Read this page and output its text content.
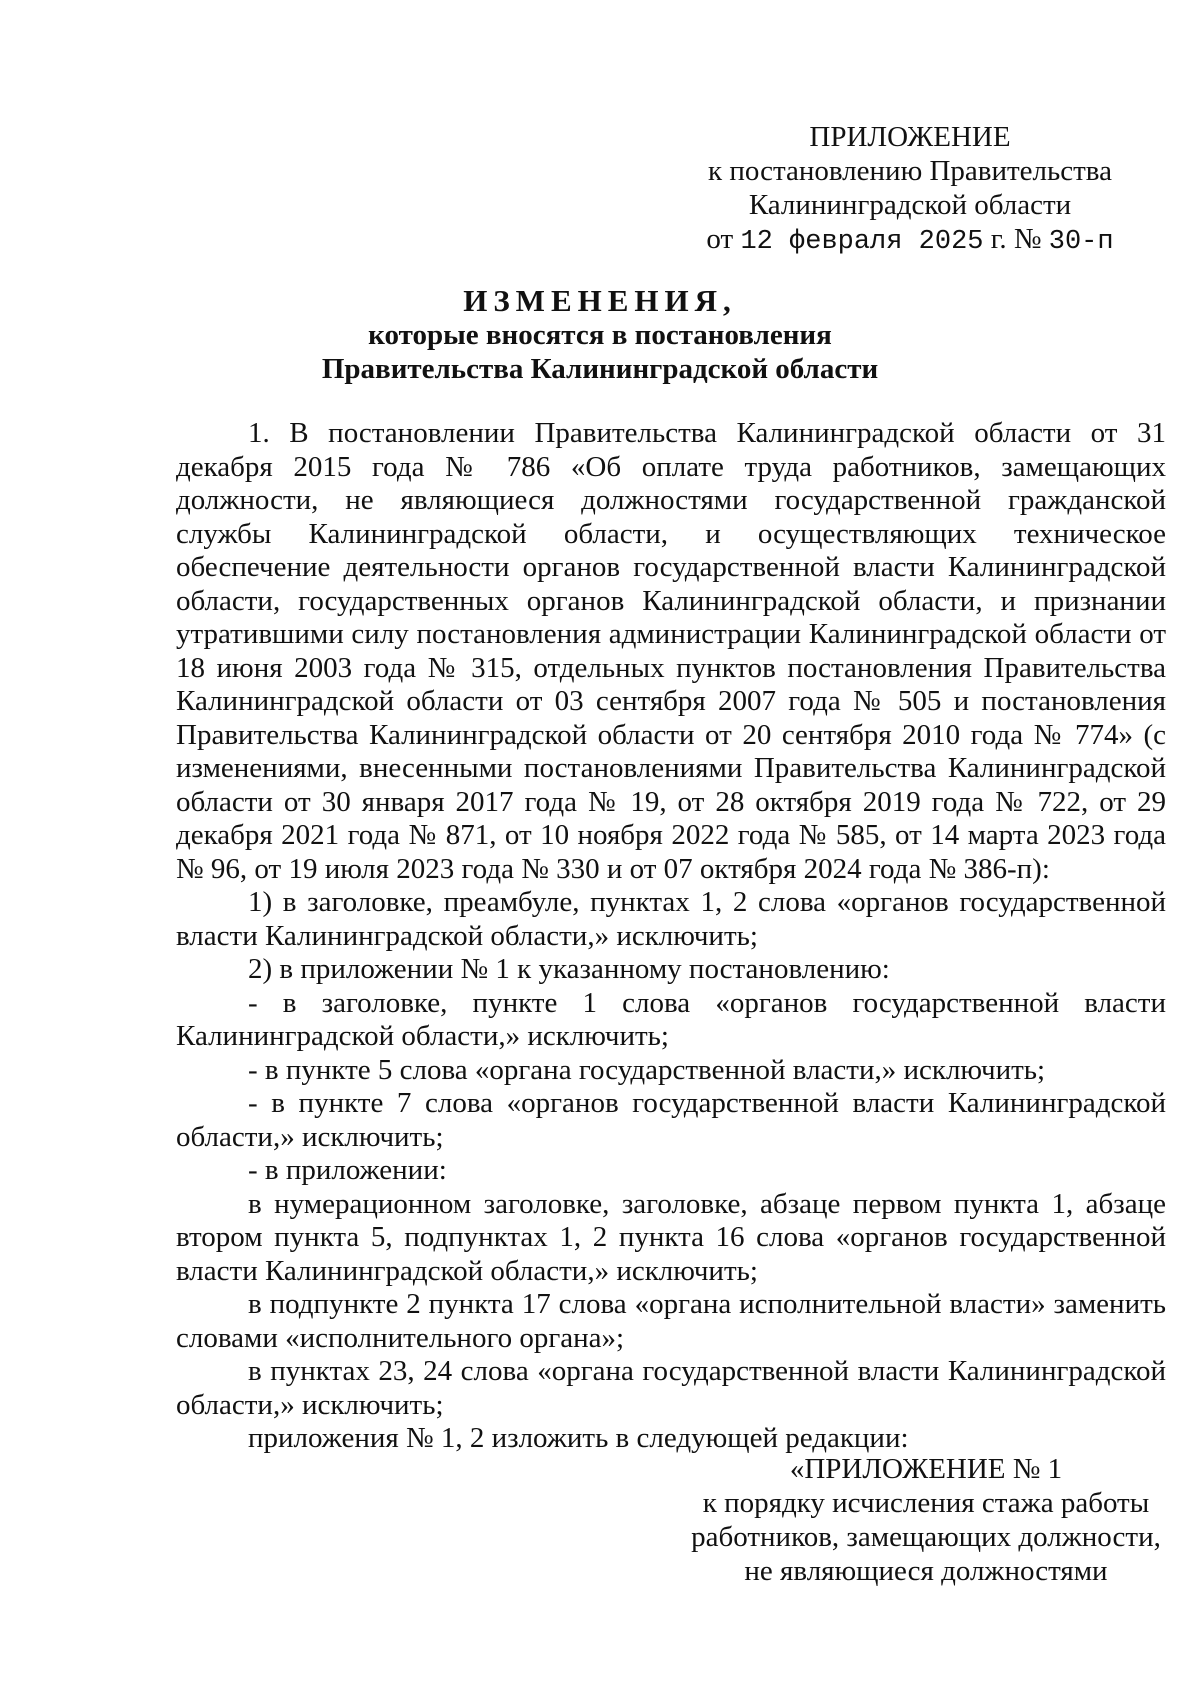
ПРИЛОЖЕНИЕ
к постановлению Правительства
Калининградской области
от 12 февраля 2025 г. № 30-п
ИЗМЕНЕНИЯ,
которые вносятся в постановления
Правительства Калининградской области

1. В постановлении Правительства Калининградской области от 31 декабря 2015 года № 786 «Об оплате труда работников, замещающих должности, не являющиеся должностями государственной гражданской службы Калининградской области, и осуществляющих техническое обеспечение деятельности органов государственной власти Калининградской области, государственных органов Калининградской области, и признании утратившими силу постановления администрации Калининградской области от 18 июня 2003 года № 315, отдельных пунктов постановления Правительства Калининградской области от 03 сентября 2007 года № 505 и постановления Правительства Калининградской области от 20 сентября 2010 года № 774» (с изменениями, внесенными постановлениями Правительства Калининградской области от 30 января 2017 года № 19, от 28 октября 2019 года № 722, от 29 декабря 2021 года № 871, от 10 ноября 2022 года № 585, от 14 марта 2023 года № 96, от 19 июля 2023 года № 330 и от 07 октября 2024 года № 386-п):

1) в заголовке, преамбуле, пунктах 1, 2 слова «органов государственной власти Калининградской области,» исключить;

2) в приложении № 1 к указанному постановлению:

- в заголовке, пункте 1 слова «органов государственной власти Калининградской области,» исключить;

- в пункте 5 слова «органа государственной власти,» исключить;

- в пункте 7 слова «органов государственной власти Калининградской области,» исключить;

- в приложении:

в нумерационном заголовке, заголовке, абзаце первом пункта 1, абзаце втором пункта 5, подпунктах 1, 2 пункта 16 слова «органов государственной власти Калининградской области,» исключить;

в подпункте 2 пункта 17 слова «органа исполнительной власти» заменить словами «исполнительного органа»;

в пунктах 23, 24 слова «органа государственной власти Калининградской области,» исключить;

приложения № 1, 2 изложить в следующей редакции:

«ПРИЛОЖЕНИЕ № 1
к порядку исчисления стажа работы
работников, замещающих должности,
не являющиеся должностями
